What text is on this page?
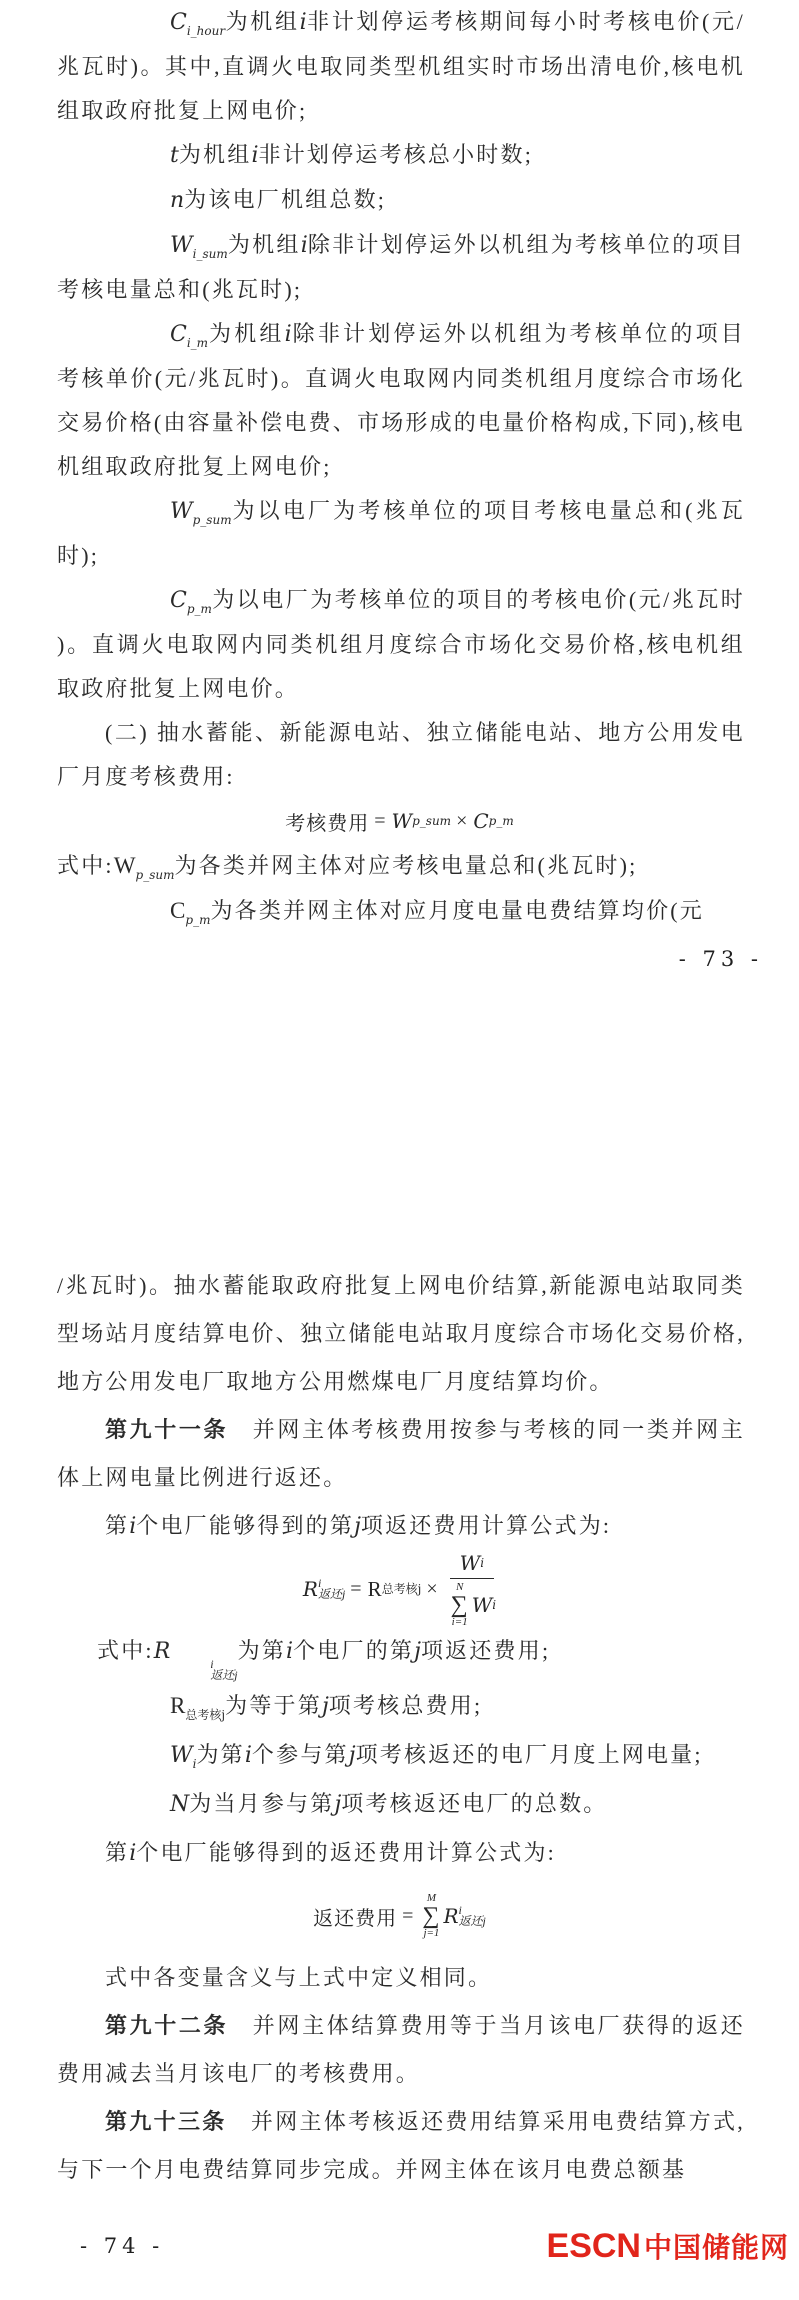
$C_{i\_hour}$为机组i非计划停运考核期间每小时考核电价(元/兆瓦时)。其中,直调火电取同类型机组实时市场出清电价,核电机组取政府批复上网电价;

t为机组i非计划停运考核总小时数;

n为该电厂机组总数;

$W_{i\_sum}$为机组i除非计划停运外以机组为考核单位的项目考核电量总和(兆瓦时);

$C_{i\_m}$为机组i除非计划停运外以机组为考核单位的项目考核单价(元/兆瓦时)。直调火电取网内同类机组月度综合市场化交易价格(由容量补偿电费、市场形成的电量价格构成,下同),核电机组取政府批复上网电价;

$W_{p\_sum}$为以电厂为考核单位的项目考核电量总和(兆瓦时);

$C_{p\_m}$为以电厂为考核单位的项目的考核电价(元/兆瓦时)。直调火电取网内同类机组月度综合市场化交易价格,核电机组取政府批复上网电价。

(二) 抽水蓄能、新能源电站、独立储能电站、地方公用发电厂月度考核费用:

考核费用 = W p_sum × C p_m

式中$:W_{p\_sum}$为各类并网主体对应考核电量总和(兆瓦时);

$C_{p\_m}$为各类并网主体对应月度电量电费结算均价(元

- 73 -

/兆瓦时)。抽水蓄能取政府批复上网电价结算,新能源电站取同类型场站月度结算电价、独立储能电站取月度综合市场化交易价格,地方公用发电厂取地方公用燃煤电厂月度结算均价。

第九十一条　并网主体考核费用按参与考核的同一类并网主体上网电量比例进行返还。

第i个电厂能够得到的第j项返还费用计算公式为:

R i
返还j = R 总考核j × W i
N
∑
i=1
W i

式中:R	i
返还j
为第i个电厂的第j项返还费用;

$R_{总考核j}$为等于第j项考核总费用;

$W_i$为第i个参与第j项考核返还的电厂月度上网电量;

N为当月参与第j项考核返还电厂的总数。

第i个电厂能够得到的返还费用计算公式为:

返还费用 =
M
∑
j=1
R i
返还j

式中各变量含义与上式中定义相同。

第九十二条　并网主体结算费用等于当月该电厂获得的返还费用减去当月该电厂的考核费用。

第九十三条　并网主体考核返还费用结算采用电费结算方式,与下一个月电费结算同步完成。并网主体在该月电费总额基

- 74 -	ESCN 中国储能网
